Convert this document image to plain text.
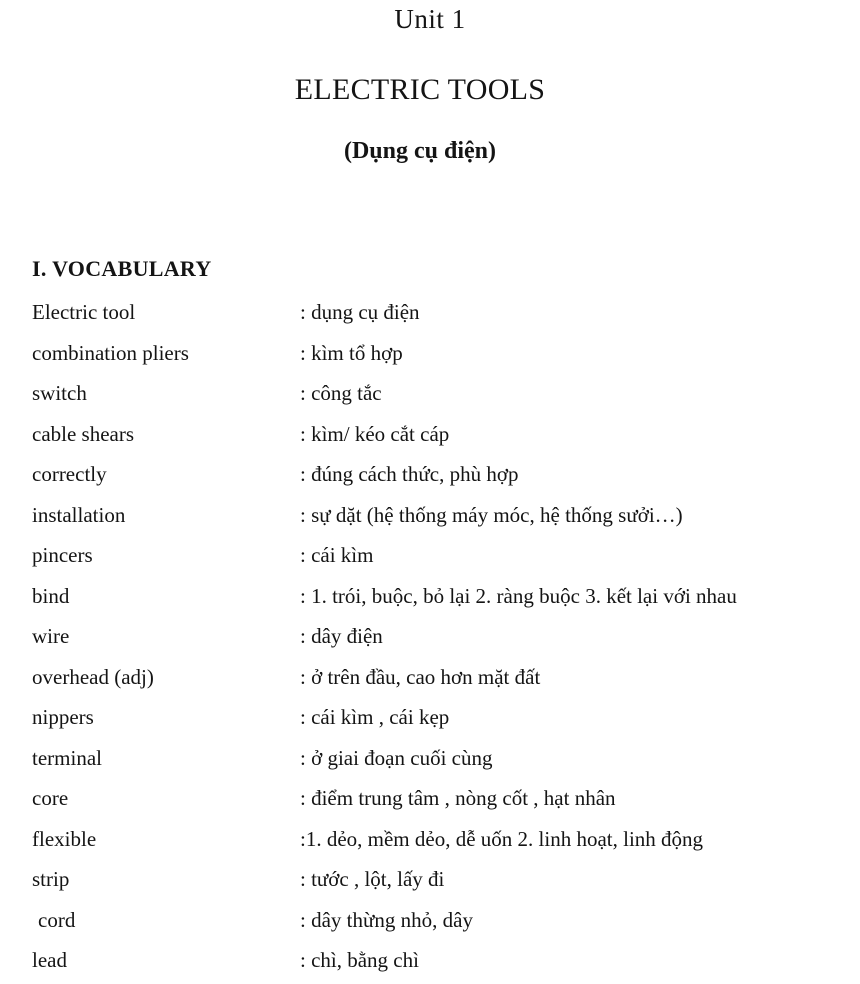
Unit 1
ELECTRIC TOOLS
(Dụng cụ điện)
I. VOCABULARY
Electric tool	: dụng cụ điện
combination pliers	: kìm tổ hợp
switch	: công tắc
cable shears	: kìm/ kéo cắt cáp
correctly	: đúng cách thức, phù hợp
installation	: sự dặt (hệ thống máy móc, hệ thống sưởi…)
pincers	: cái kìm
bind	: 1. trói, buộc, bỏ lại 2. ràng buộc 3. kết lại với nhau
wire	: dây điện
overhead (adj)	: ở trên đầu, cao hơn mặt đất
nippers	: cái kìm , cái kẹp
terminal	: ở giai đoạn cuối cùng
core	: điểm trung tâm , nòng cốt , hạt nhân
flexible	:1. dẻo, mềm dẻo, dễ uốn 2. linh hoạt, linh động
strip	: tước , lột, lấy đi
cord	: dây thừng nhỏ, dây
lead	: chì, bằng chì
